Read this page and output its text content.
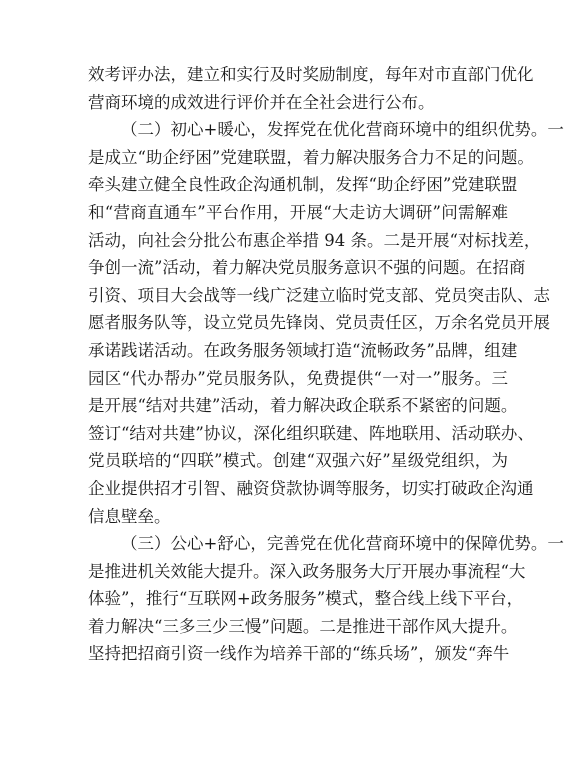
效考评办法，建立和实行及时奖励制度，每年对市直部门优化
营商环境的成效进行评价并在全社会进行公布。
（二）初心+暖心，发挥党在优化营商环境中的组织优势。一
是成立“助企纾困”党建联盟，着力解决服务合力不足的问题。
牵头建立健全良性政企沟通机制，发挥“助企纾困”党建联盟
和“营商直通车”平台作用，开展“大走访大调研”问需解难
活动，向社会分批公布惠企举措 94 条。二是开展“对标找差，
争创一流”活动，着力解决党员服务意识不强的问题。在招商
引资、项目大会战等一线广泛建立临时党支部、党员突击队、志
愿者服务队等，设立党员先锋岗、党员责任区，万余名党员开展
承诺践诺活动。在政务服务领域打造“流畅政务”品牌，组建
园区“代办帮办”党员服务队，免费提供“一对一”服务。三
是开展“结对共建”活动，着力解决政企联系不紧密的问题。
签订“结对共建”协议，深化组织联建、阵地联用、活动联办、
党员联培的“四联”模式。创建“双强六好”星级党组织，为
企业提供招才引智、融资贷款协调等服务，切实打破政企沟通
信息壁垒。
（三）公心+舒心，完善党在优化营商环境中的保障优势。一
是推进机关效能大提升。深入政务服务大厅开展办事流程“大
体验”，推行“互联网+政务服务”模式，整合线上线下平台，
着力解决“三多三少三慢”问题。二是推进干部作风大提升。
坚持把招商引资一线作为培养干部的“练兵场”，颁发“奔牛
